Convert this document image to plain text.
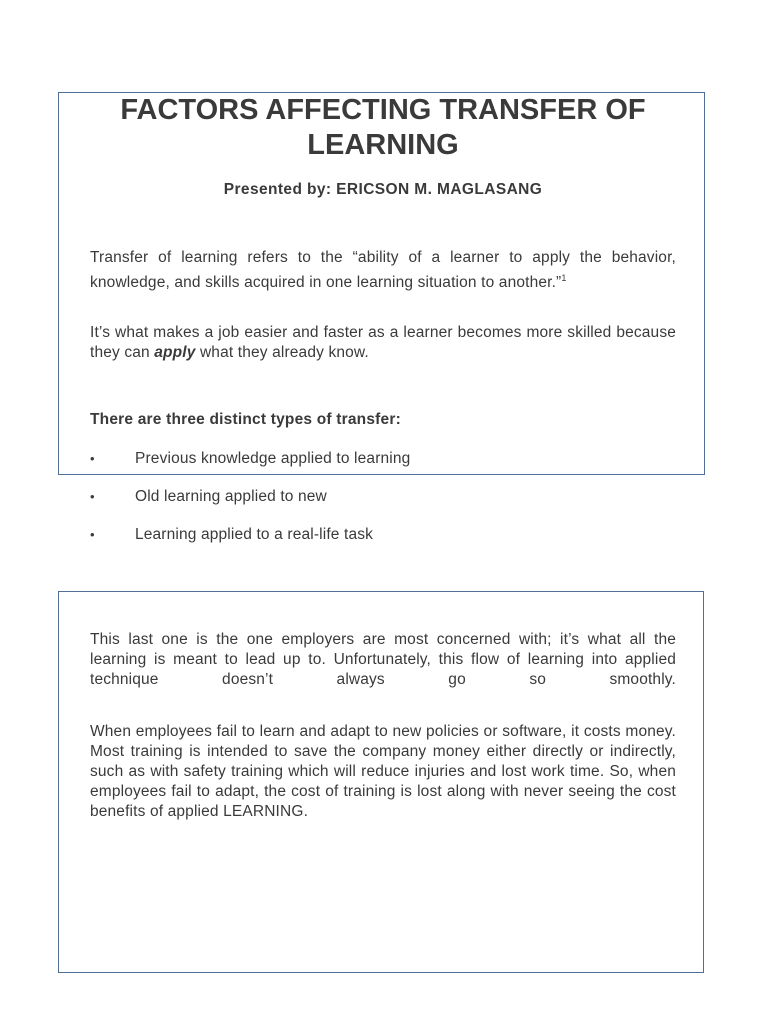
FACTORS AFFECTING TRANSFER OF LEARNING
Presented by: ERICSON M. MAGLASANG

Transfer of learning refers to the “ability of a learner to apply the behavior, knowledge, and skills acquired in one learning situation to another.”$^1$

It’s what makes a job easier and faster as a learner becomes more skilled because they can apply what they already know.

There are three distinct types of transfer:
•	Previous knowledge applied to learning
•	Old learning applied to new
•	Learning applied to a real-life task

This last one is the one employers are most concerned with; it’s what all the learning is meant to lead up to. Unfortunately, this flow of learning into applied technique doesn’t always go so smoothly.

When employees fail to learn and adapt to new policies or software, it costs money. Most training is intended to save the company money either directly or indirectly, such as with safety training which will reduce injuries and lost work time. So, when employees fail to adapt, the cost of training is lost along with never seeing the cost benefits of applied LEARNING.
